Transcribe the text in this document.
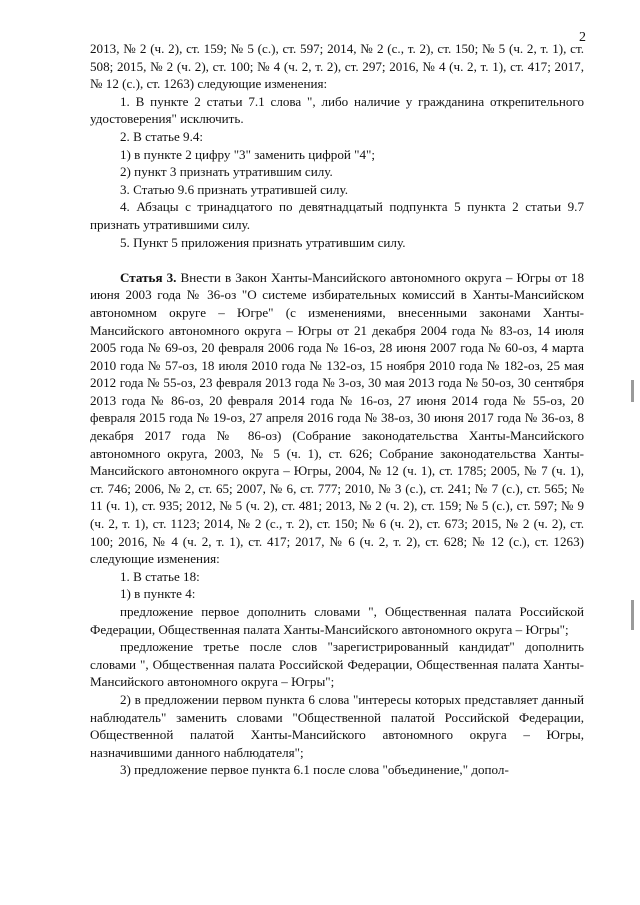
2

2013, № 2 (ч. 2), ст. 159; № 5 (с.), ст. 597; 2014, № 2 (с., т. 2), ст. 150; № 5 (ч. 2, т. 1), ст. 508; 2015, № 2 (ч. 2), ст. 100; № 4 (ч. 2, т. 2), ст. 297; 2016, № 4 (ч. 2, т. 1), ст. 417; 2017, № 12 (с.), ст. 1263) следующие изменения:

1. В пункте 2 статьи 7.1 слова ", либо наличие у гражданина открепительного удостоверения" исключить.

2. В статье 9.4:

1) в пункте 2 цифру "3" заменить цифрой "4";

2) пункт 3 признать утратившим силу.

3. Статью 9.6 признать утратившей силу.

4. Абзацы с тринадцатого по девятнадцатый подпункта 5 пункта 2 статьи 9.7 признать утратившими силу.

5. Пункт 5 приложения признать утратившим силу.

Статья 3. Внести в Закон Ханты-Мансийского автономного округа – Югры от 18 июня 2003 года № 36-оз "О системе избирательных комиссий в Ханты-Мансийском автономном округе – Югре" (с изменениями, внесенными законами Ханты-Мансийского автономного округа – Югры от 21 декабря 2004 года № 83-оз, 14 июля 2005 года № 69-оз, 20 февраля 2006 года № 16-оз, 28 июня 2007 года № 60-оз, 4 марта 2010 года № 57-оз, 18 июля 2010 года № 132-оз, 15 ноября 2010 года № 182-оз, 25 мая 2012 года № 55-оз, 23 февраля 2013 года № 3-оз, 30 мая 2013 года № 50-оз, 30 сентября 2013 года № 86-оз, 20 февраля 2014 года № 16-оз, 27 июня 2014 года № 55-оз, 20 февраля 2015 года № 19-оз, 27 апреля 2016 года № 38-оз, 30 июня 2017 года № 36-оз, 8 декабря 2017 года № 86-оз) (Собрание законодательства Ханты-Мансийского автономного округа, 2003, № 5 (ч. 1), ст. 626; Собрание законодательства Ханты-Мансийского автономного округа – Югры, 2004, № 12 (ч. 1), ст. 1785; 2005, № 7 (ч. 1), ст. 746; 2006, № 2, ст. 65; 2007, № 6, ст. 777; 2010, № 3 (с.), ст. 241; № 7 (с.), ст. 565; № 11 (ч. 1), ст. 935; 2012, № 5 (ч. 2), ст. 481; 2013, № 2 (ч. 2), ст. 159; № 5 (с.), ст. 597; № 9 (ч. 2, т. 1), ст. 1123; 2014, № 2 (с., т. 2), ст. 150; № 6 (ч. 2), ст. 673; 2015, № 2 (ч. 2), ст. 100; 2016, № 4 (ч. 2, т. 1), ст. 417; 2017, № 6 (ч. 2, т. 2), ст. 628; № 12 (с.), ст. 1263) следующие изменения:

1. В статье 18:

1) в пункте 4:

предложение первое дополнить словами ", Общественная палата Российской Федерации, Общественная палата Ханты-Мансийского автономного округа – Югры";

предложение третье после слов "зарегистрированный кандидат" дополнить словами ", Общественная палата Российской Федерации, Общественная палата Ханты-Мансийского автономного округа – Югры";

2) в предложении первом пункта 6 слова "интересы которых представляет данный наблюдатель" заменить словами "Общественной палатой Российской Федерации, Общественной палатой Ханты-Мансийского автономного округа – Югры, назначившими данного наблюдателя";

3) предложение первое пункта 6.1 после слова "объединение," допол-
